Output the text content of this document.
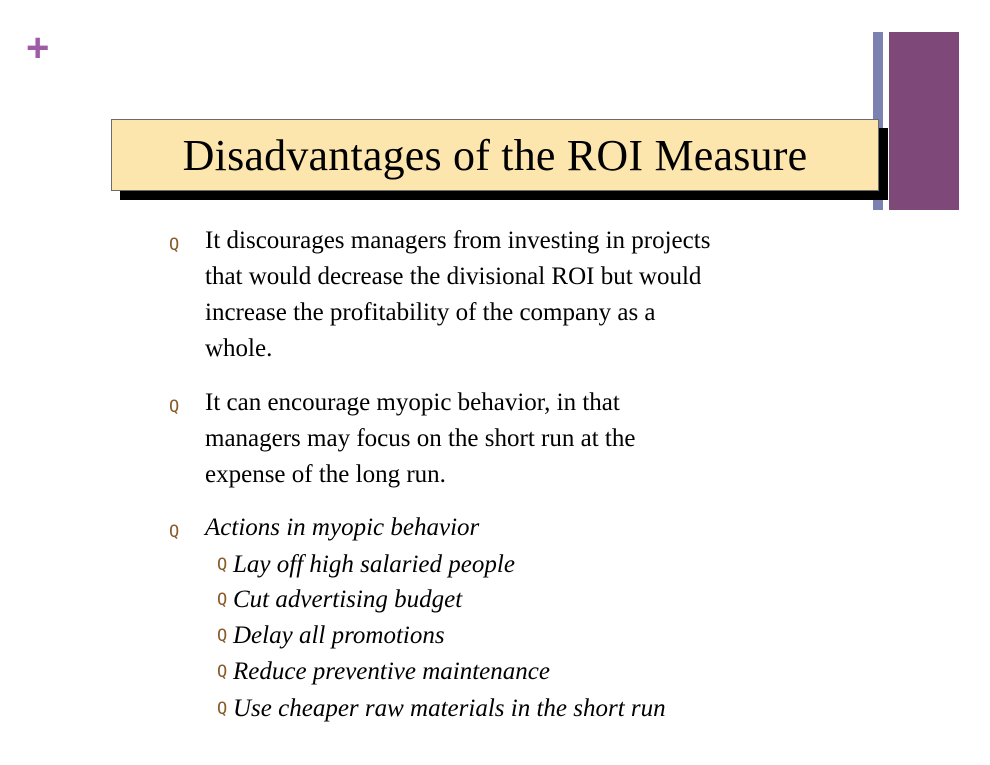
+
Disadvantages of the ROI Measure
Q It discourages managers from investing in projects
that would decrease the divisional ROI but would
increase the profitability of the company as a
whole.
Q It can encourage myopic behavior, in that
managers may focus on the short run at the
expense of the long run.
Q Actions in myopic behavior
Q Lay off high salaried people
Q Cut advertising budget
Q Delay all promotions
Q Reduce preventive maintenance
Q Use cheaper raw materials in the short run
